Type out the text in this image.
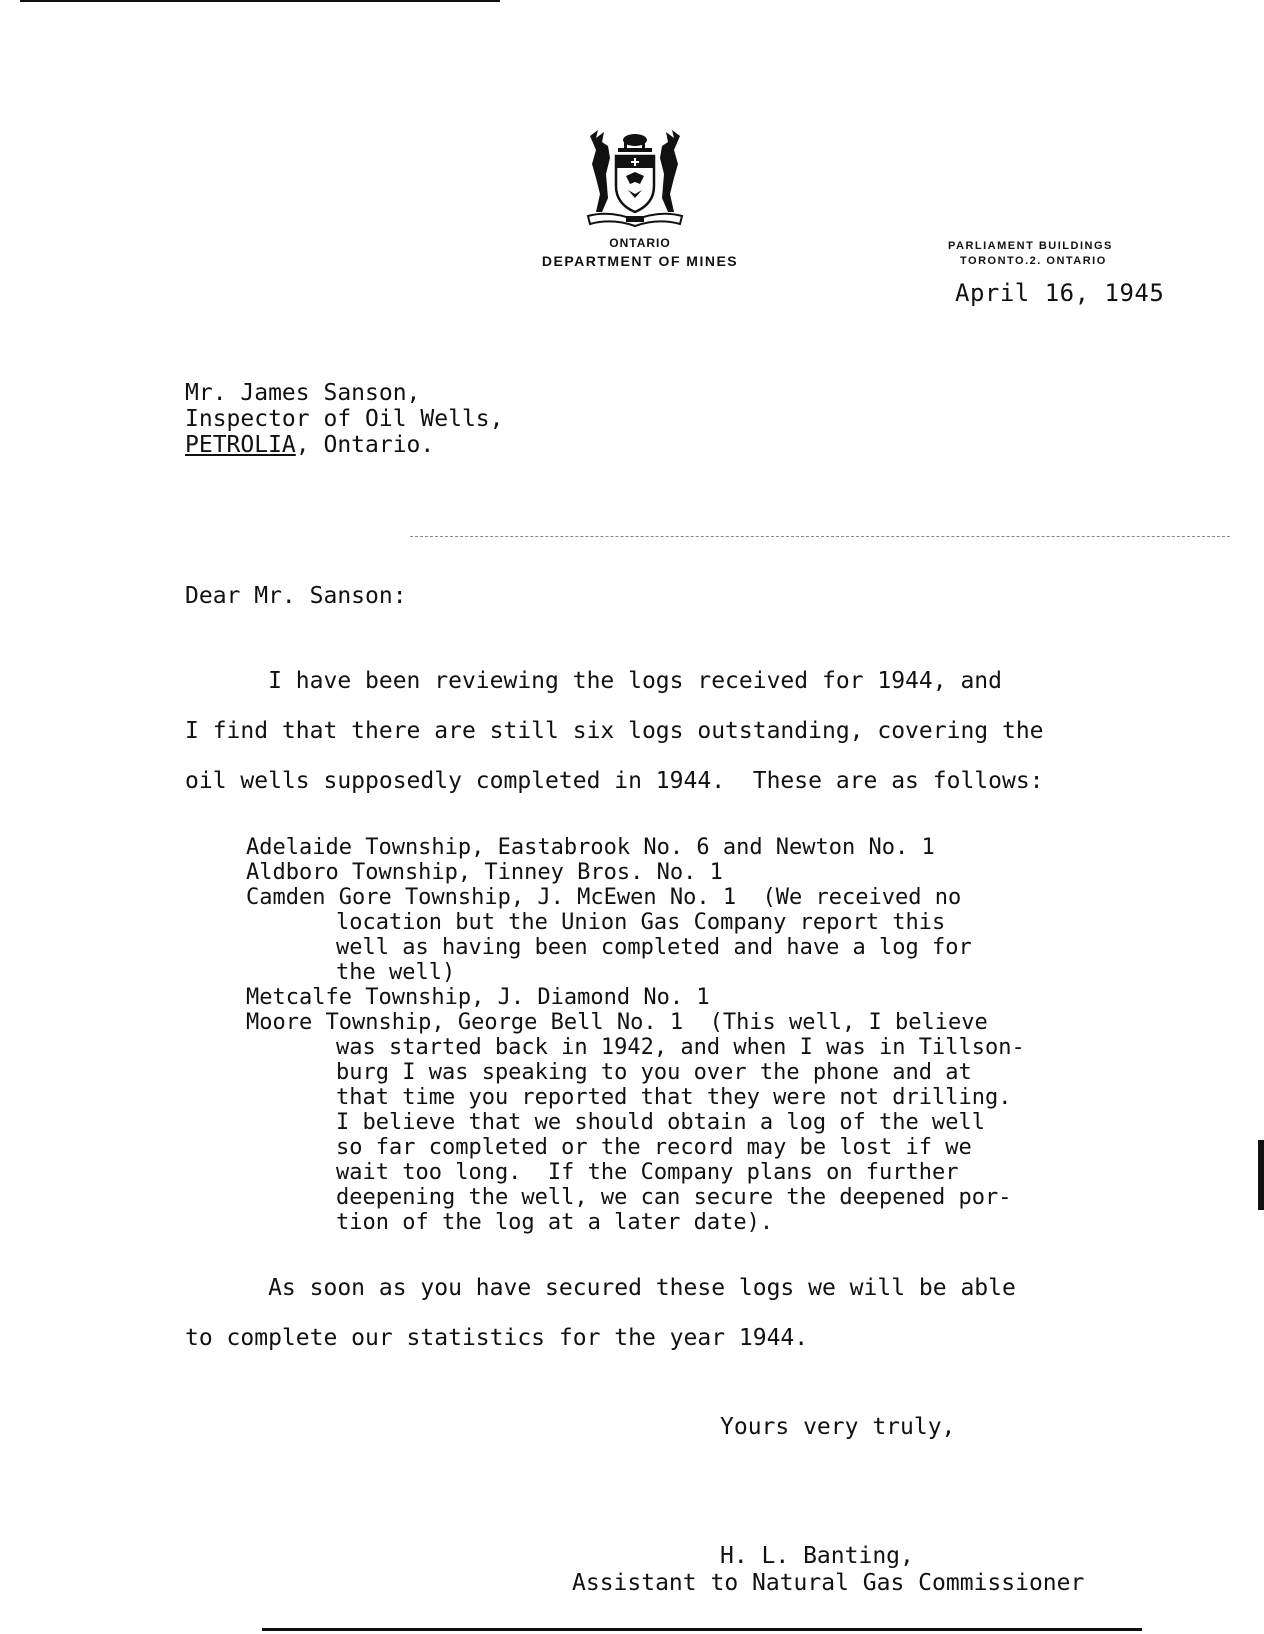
ONTARIO
DEPARTMENT OF MINES
PARLIAMENT BUILDINGS
TORONTO.2. ONTARIO
April 16, 1945
Mr. James Sanson,
Inspector of Oil Wells,
PETROLIA, Ontario.
Dear Mr. Sanson:
I have been reviewing the logs received for 1944, and
I find that there are still six logs outstanding, covering the
oil wells supposedly completed in 1944.  These are as follows:
Adelaide Township, Eastabrook No. 6 and Newton No. 1
Aldboro Township, Tinney Bros. No. 1
Camden Gore Township, J. McEwen No. 1  (We received no
location but the Union Gas Company report this
well as having been completed and have a log for
the well)
Metcalfe Township, J. Diamond No. 1
Moore Township, George Bell No. 1  (This well, I believe
was started back in 1942, and when I was in Tillson-
burg I was speaking to you over the phone and at
that time you reported that they were not drilling.
I believe that we should obtain a log of the well
so far completed or the record may be lost if we
wait too long.  If the Company plans on further
deepening the well, we can secure the deepened por-
tion of the log at a later date).
As soon as you have secured these logs we will be able
to complete our statistics for the year 1944.
Yours very truly,
H. L. Banting,
Assistant to Natural Gas Commissioner
